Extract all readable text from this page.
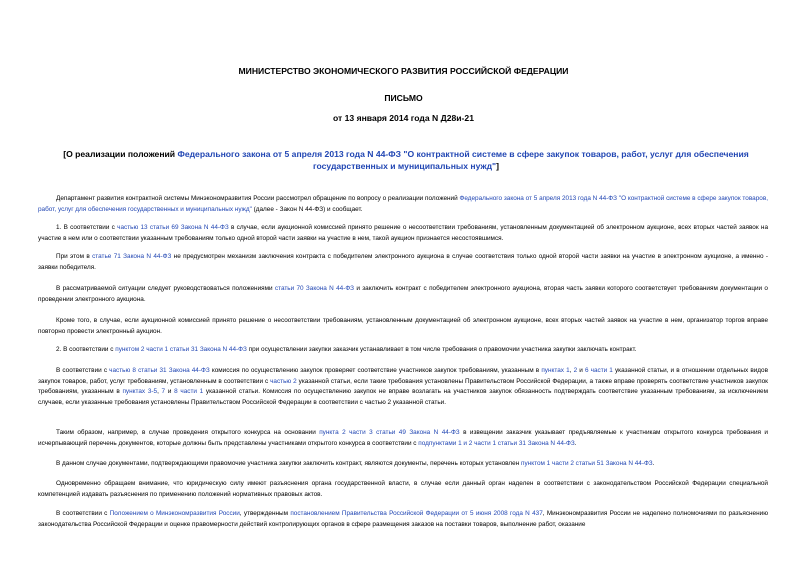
МИНИСТЕРСТВО ЭКОНОМИЧЕСКОГО РАЗВИТИЯ РОССИЙСКОЙ ФЕДЕРАЦИИ
ПИСЬМО
от 13 января 2014 года N Д28и-21
[О реализации положений Федерального закона от 5 апреля 2013 года N 44-ФЗ "О контрактной системе в сфере закупок товаров, работ, услуг для обеспечения государственных и муниципальных нужд"]
Департамент развития контрактной системы Минэкономразвития России рассмотрел обращение по вопросу о реализации положений Федерального закона от 5 апреля 2013 года N 44-ФЗ "О контрактной системе в сфере закупок товаров, работ, услуг для обеспечения государственных и муниципальных нужд" (далее - Закон N 44-ФЗ) и сообщает.
1. В соответствии с частью 13 статьи 69 Закона N 44-ФЗ в случае, если аукционной комиссией принято решение о несоответствии требованиям, установленным документацией об электронном аукционе, всех вторых частей заявок на участие в нем или о соответствии указанным требованиям только одной второй части заявки на участие в нем, такой аукцион признается несостоявшимся.
При этом в статье 71 Закона N 44-ФЗ не предусмотрен механизм заключения контракта с победителем электронного аукциона в случае соответствия только одной второй части заявки на участие в электронном аукционе, а именно - заявки победителя.
В рассматриваемой ситуации следует руководствоваться положениями статьи 70 Закона N 44-ФЗ и заключить контракт с победителем электронного аукциона, вторая часть заявки которого соответствует требованиям документации о проведении электронного аукциона.
Кроме того, в случае, если аукционной комиссией принято решение о несоответствии требованиям, установленным документацией об электронном аукционе, всех вторых частей заявок на участие в нем, организатор торгов вправе повторно провести электронный аукцион.
2. В соответствии с пунктом 2 части 1 статьи 31 Закона N 44-ФЗ при осуществлении закупки заказчик устанавливает в том числе требования о правомочии участника закупки заключать контракт.
В соответствии с частью 8 статьи 31 Закона 44-ФЗ комиссия по осуществлению закупок проверяет соответствие участников закупок требованиям, указанным в пунктах 1, 2 и 6 части 1 указанной статьи, и в отношении отдельных видов закупок товаров, работ, услуг требованиям, установленным в соответствии с частью 2 указанной статьи, если такие требования установлены Правительством Российской Федерации, а также вправе проверять соответствие участников закупок требованиям, указанным в пунктах 3-5, 7 и 8 части 1 указанной статьи. Комиссия по осуществлению закупок не вправе возлагать на участников закупок обязанность подтверждать соответствие указанным требованиям, за исключением случаев, если указанные требования установлены Правительством Российской Федерации в соответствии с частью 2 указанной статьи.
Таким образом, например, в случае проведения открытого конкурса на основании пункта 2 части 3 статьи 49 Закона N 44-ФЗ в извещении заказчик указывает предъявляемые к участникам открытого конкурса требования и исчерпывающий перечень документов, которые должны быть представлены участниками открытого конкурса в соответствии с подпунктами 1 и 2 части 1 статьи 31 Закона N 44-ФЗ.
В данном случае документами, подтверждающими правомочие участника закупки заключить контракт, являются документы, перечень которых установлен пунктом 1 части 2 статьи 51 Закона N 44-ФЗ.
Одновременно обращаем внимание, что юридическую силу имеют разъяснения органа государственной власти, в случае если данный орган наделен в соответствии с законодательством Российской Федерации специальной компетенцией издавать разъяснения по применению положений нормативных правовых актов.
В соответствии с Положением о Минэкономразвития России, утвержденным постановлением Правительства Российской Федерации от 5 июня 2008 года N 437, Минэкономразвития России не наделено полномочиями по разъяснению законодательства Российской Федерации и оценке правомерности действий контролирующих органов в сфере размещения заказов на поставки товаров, выполнение работ, оказание
